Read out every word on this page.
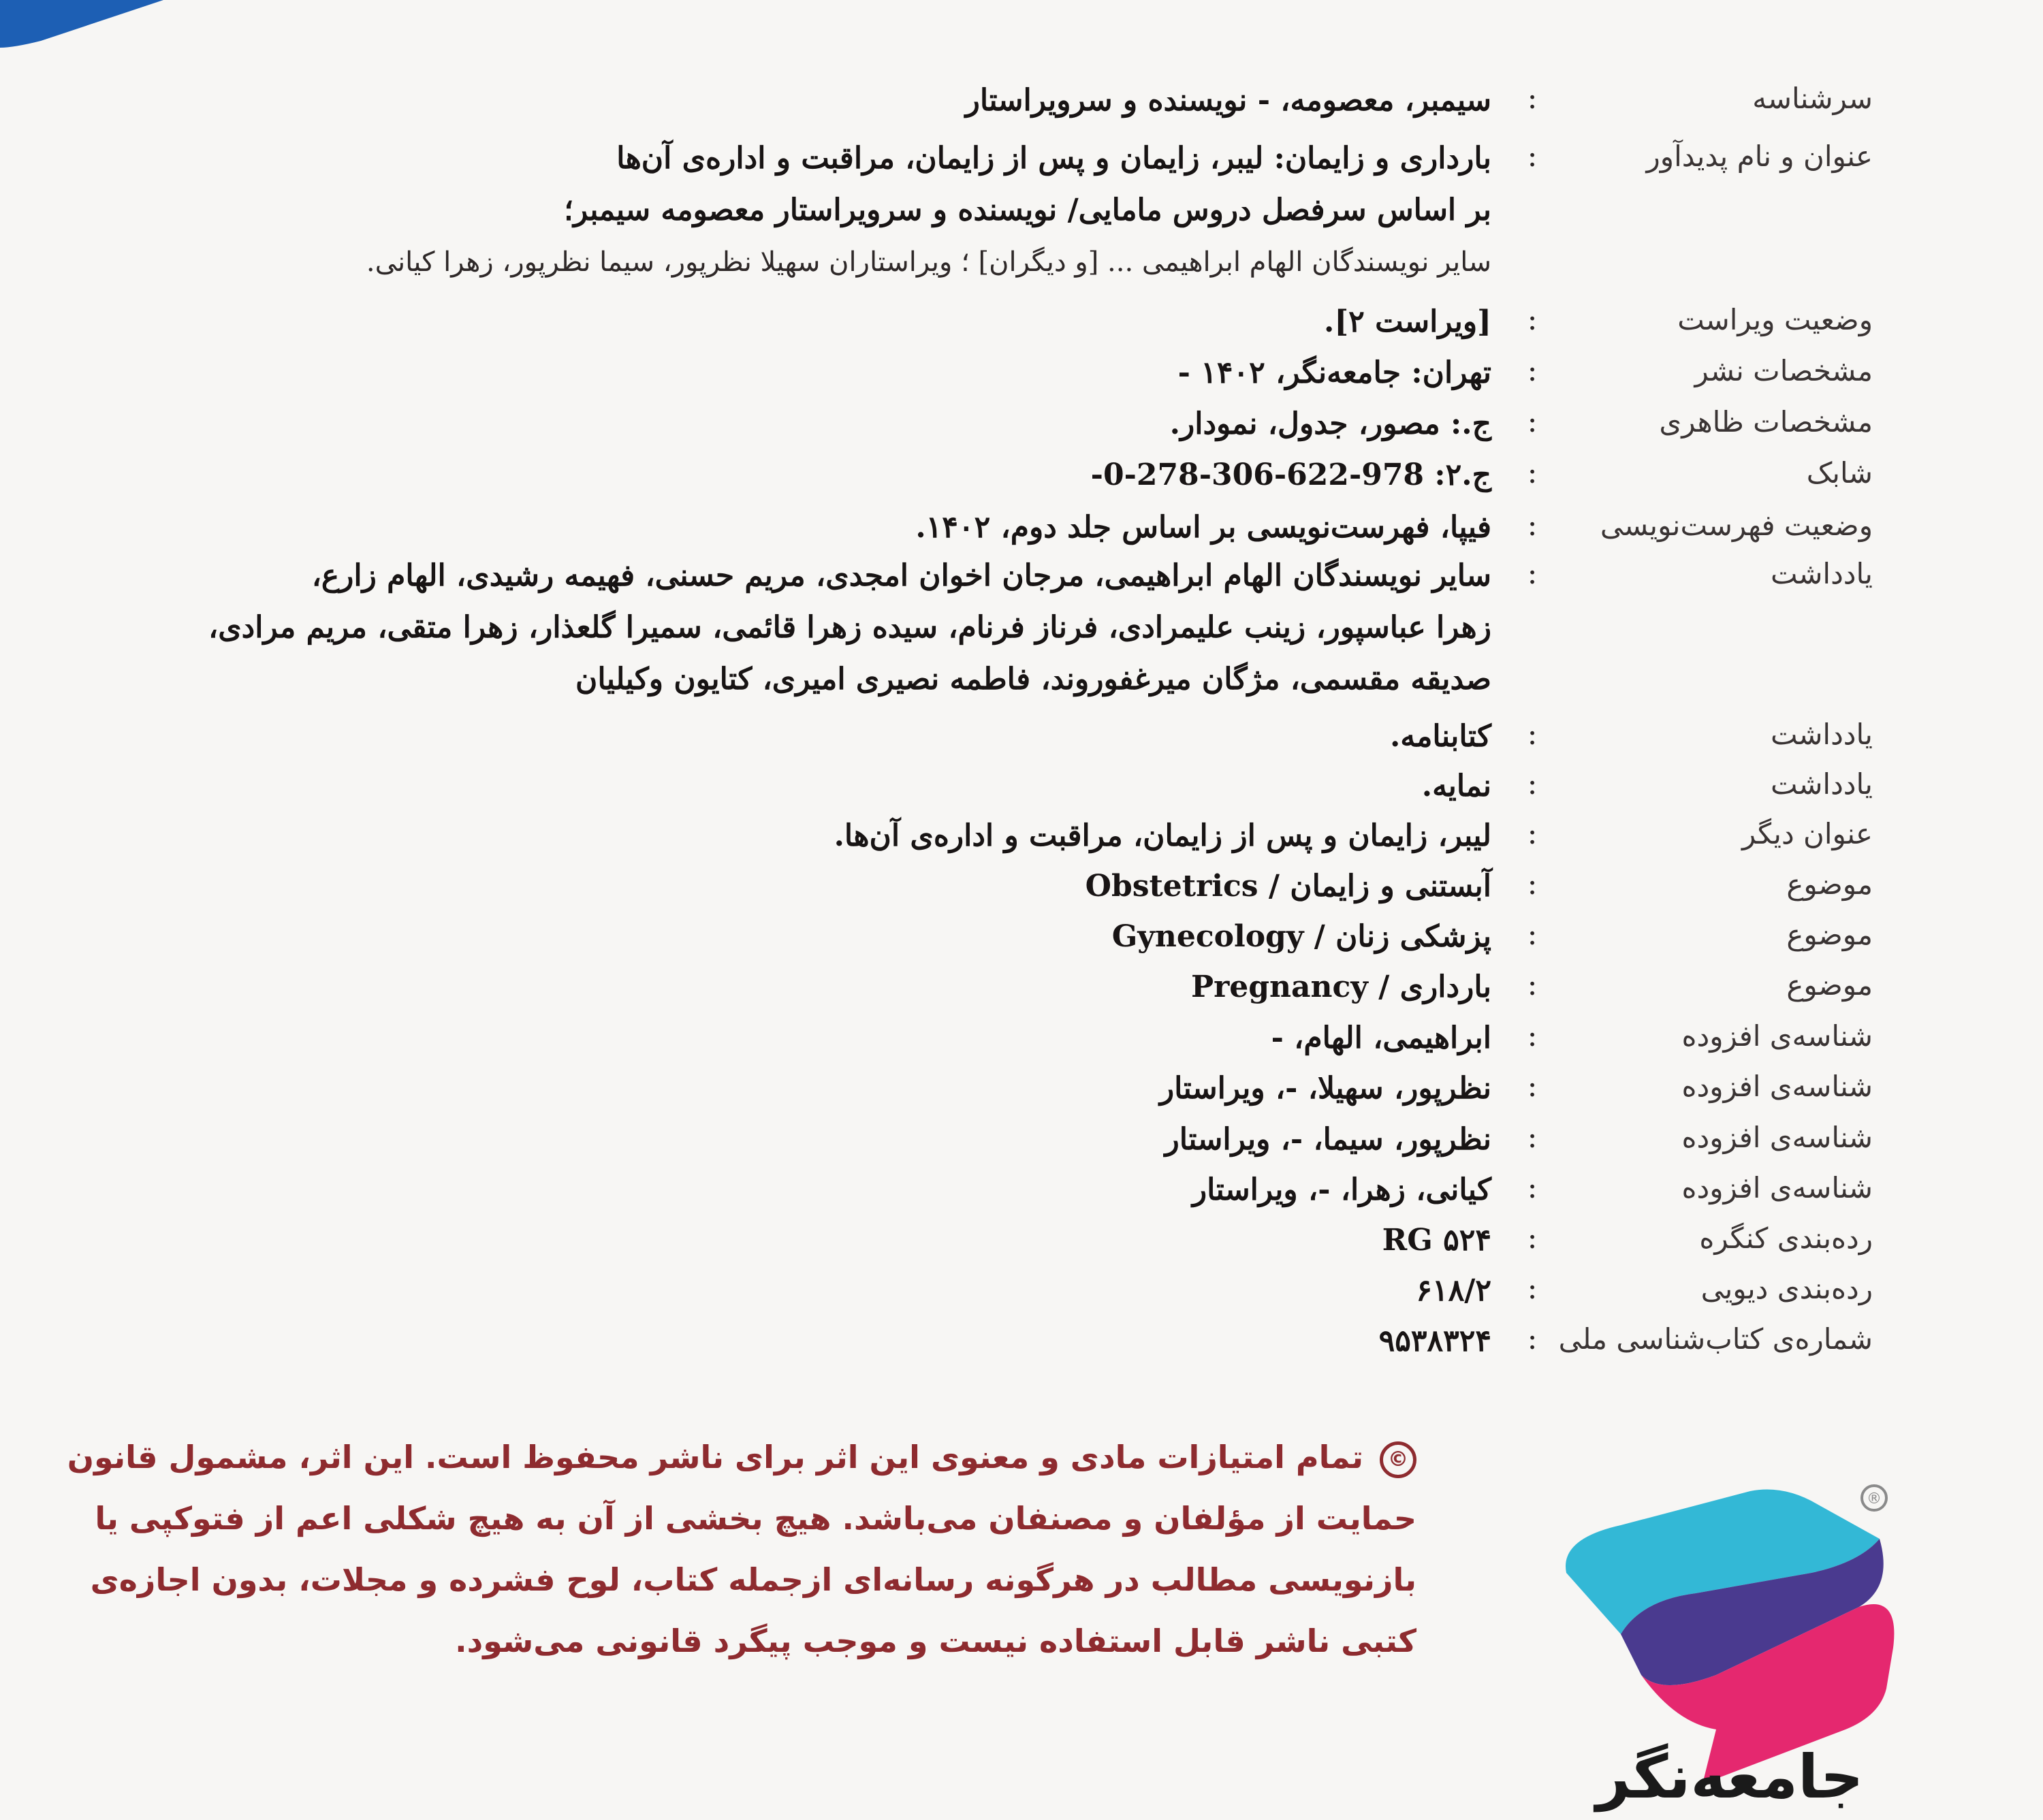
سرشناسه
:
سیمبر، معصومه، - نویسنده و سرویراستار
عنوان و نام پدیدآور
:
بارداری و زایمان: لیبر، زایمان و پس از زایمان، مراقبت و اداره‌ی آن‌ها
بر اساس سرفصل دروس مامایی/ نویسنده و سرویراستار معصومه سیمبر؛
سایر نویسندگان الهام ابراهیمی ... [و دیگران] ؛ ویراستاران سهیلا نظرپور، سیما نظرپور، زهرا کیانی.
وضعیت ویراست
:
[ویراست ۲].
مشخصات نشر
:
تهران: جامعه‌نگر، ۱۴۰۲ -
مشخصات ظاهری
:
ج.: مصور، جدول، نمودار.
شابک
:
ج.۲: 978-622-306-278-0-
وضعیت فهرست‌نویسی
:
فیپا، فهرست‌نویسی بر اساس جلد دوم، ۱۴۰۲.
یادداشت
:
سایر نویسندگان الهام ابراهیمی، مرجان اخوان امجدی، مریم حسنی، فهیمه رشیدی، الهام زارع،
زهرا عباسپور، زینب علیمرادی، فرناز فرنام، سیده زهرا قائمی، سمیرا گلعذار، زهرا متقی، مریم مرادی،
صدیقه مقسمی، مژگان میرغفوروند، فاطمه نصیری امیری، کتایون وکیلیان
یادداشت
:
کتابنامه.
یادداشت
:
نمایه.
عنوان دیگر
:
لیبر، زایمان و پس از زایمان، مراقبت و اداره‌ی آن‌ها.
موضوع
:
آبستنی و زایمان / Obstetrics
موضوع
:
پزشکی زنان / Gynecology
موضوع
:
بارداری / Pregnancy
شناسه‌ی افزوده
:
ابراهیمی، الهام، -
شناسه‌ی افزوده
:
نظرپور، سهیلا، -، ویراستار
شناسه‌ی افزوده
:
نظرپور، سیما، -، ویراستار
شناسه‌ی افزوده
:
کیانی، زهرا، -، ویراستار
رده‌بندی کنگره
:
RG ۵۲۴
رده‌بندی دیویی
:
۶۱۸/۲
شماره‌ی کتاب‌شناسی ملی
:
۹۵۳۸۳۲۴
©تمام امتیازات مادی و معنوی این اثر برای ناشر محفوظ است. این اثر، مشمول قانون
حمایت از مؤلفان و مصنفان می‌باشد. هیچ بخشی از آن به هیچ شکلی اعم از فتوکپی یا
بازنویسی مطالب در هرگونه رسانه‌ای ازجمله کتاب، لوح فشرده و مجلات، بدون اجازه‌ی
کتبی ناشر قابل استفاده نیست و موجب پیگرد قانونی می‌شود.
®
جامعه‌نگر
